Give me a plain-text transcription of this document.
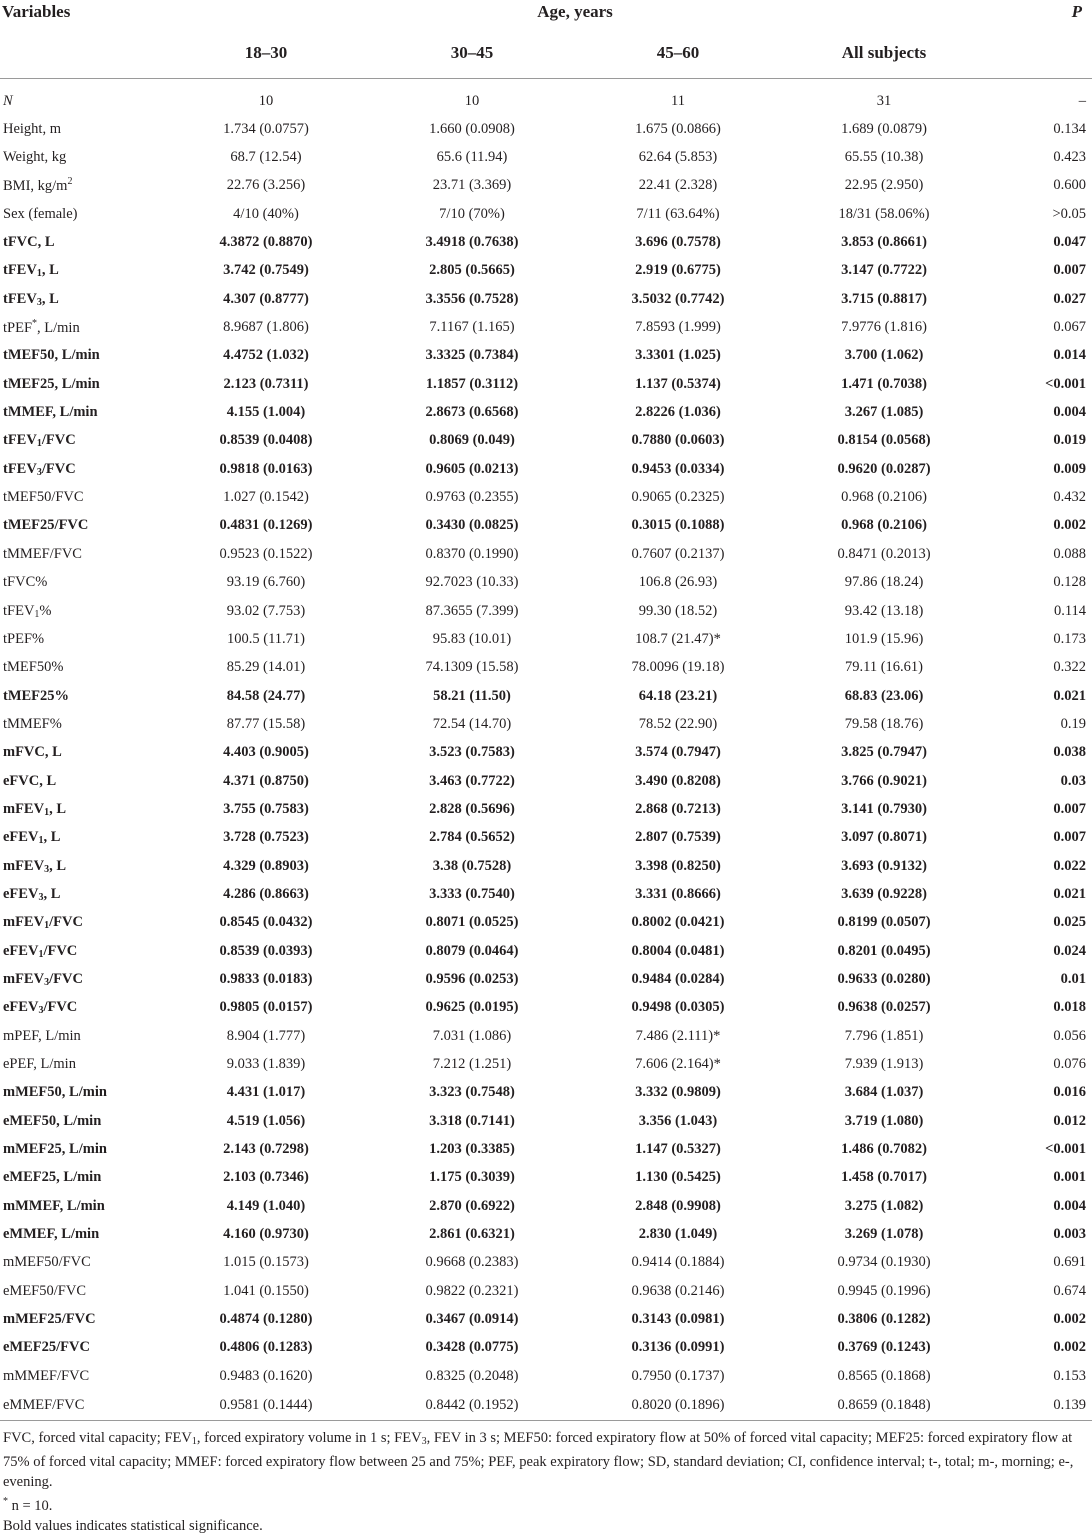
Variables	Age, years				P
	18–30	30–45	45–60	All subjects	
N	10	10	11	31	–
Height, m	1.734 (0.0757)	1.660 (0.0908)	1.675 (0.0866)	1.689 (0.0879)	0.134
Weight, kg	68.7 (12.54)	65.6 (11.94)	62.64 (5.853)	65.55 (10.38)	0.423
BMI, $kg/m^2$	22.76 (3.256)	23.71 (3.369)	22.41 (2.328)	22.95 (2.950)	0.600
Sex (female)	4/10 (40%)	7/10 (70%)	7/11 (63.64%)	18/31 (58.06%)	>0.05
tFVC, L	4.3872 (0.8870)	3.4918 (0.7638)	3.696 (0.7578)	3.853 (0.8661)	0.047
tFEV$_1$, L	3.742 (0.7549)	2.805 (0.5665)	2.919 (0.6775)	3.147 (0.7722)	0.007
tFEV$_3$, L	4.307 (0.8777)	3.3556 (0.7528)	3.5032 (0.7742)	3.715 (0.8817)	0.027
tPEF*, L/min	8.9687 (1.806)	7.1167 (1.165)	7.8593 (1.999)	7.9776 (1.816)	0.067
tMEF50, L/min	4.4752 (1.032)	3.3325 (0.7384)	3.3301 (1.025)	3.700 (1.062)	0.014
tMEF25, L/min	2.123 (0.7311)	1.1857 (0.3112)	1.137 (0.5374)	1.471 (0.7038)	<0.001
tMMEF, L/min	4.155 (1.004)	2.8673 (0.6568)	2.8226 (1.036)	3.267 (1.085)	0.004
tFEV$_1$/FVC	0.8539 (0.0408)	0.8069 (0.049)	0.7880 (0.0603)	0.8154 (0.0568)	0.019
tFEV$_3$/FVC	0.9818 (0.0163)	0.9605 (0.0213)	0.9453 (0.0334)	0.9620 (0.0287)	0.009
tMEF50/FVC	1.027 (0.1542)	0.9763 (0.2355)	0.9065 (0.2325)	0.968 (0.2106)	0.432
tMEF25/FVC	0.4831 (0.1269)	0.3430 (0.0825)	0.3015 (0.1088)	0.968 (0.2106)	0.002
tMMEF/FVC	0.9523 (0.1522)	0.8370 (0.1990)	0.7607 (0.2137)	0.8471 (0.2013)	0.088
tFVC%	93.19 (6.760)	92.7023 (10.33)	106.8 (26.93)	97.86 (18.24)	0.128
tFEV$_1$%	93.02 (7.753)	87.3655 (7.399)	99.30 (18.52)	93.42 (13.18)	0.114
tPEF%	100.5 (11.71)	95.83 (10.01)	108.7 (21.47)*	101.9 (15.96)	0.173
tMEF50%	85.29 (14.01)	74.1309 (15.58)	78.0096 (19.18)	79.11 (16.61)	0.322
tMEF25%	84.58 (24.77)	58.21 (11.50)	64.18 (23.21)	68.83 (23.06)	0.021
tMMEF%	87.77 (15.58)	72.54 (14.70)	78.52 (22.90)	79.58 (18.76)	0.19
mFVC, L	4.403 (0.9005)	3.523 (0.7583)	3.574 (0.7947)	3.825 (0.7947)	0.038
eFVC, L	4.371 (0.8750)	3.463 (0.7722)	3.490 (0.8208)	3.766 (0.9021)	0.03
mFEV$_1$, L	3.755 (0.7583)	2.828 (0.5696)	2.868 (0.7213)	3.141 (0.7930)	0.007
eFEV$_1$, L	3.728 (0.7523)	2.784 (0.5652)	2.807 (0.7539)	3.097 (0.8071)	0.007
mFEV$_3$, L	4.329 (0.8903)	3.38 (0.7528)	3.398 (0.8250)	3.693 (0.9132)	0.022
eFEV$_3$, L	4.286 (0.8663)	3.333 (0.7540)	3.331 (0.8666)	3.639 (0.9228)	0.021
mFEV$_1$/FVC	0.8545 (0.0432)	0.8071 (0.0525)	0.8002 (0.0421)	0.8199 (0.0507)	0.025
eFEV$_1$/FVC	0.8539 (0.0393)	0.8079 (0.0464)	0.8004 (0.0481)	0.8201 (0.0495)	0.024
mFEV$_3$/FVC	0.9833 (0.0183)	0.9596 (0.0253)	0.9484 (0.0284)	0.9633 (0.0280)	0.01
eFEV$_3$/FVC	0.9805 (0.0157)	0.9625 (0.0195)	0.9498 (0.0305)	0.9638 (0.0257)	0.018
mPEF, L/min	8.904 (1.777)	7.031 (1.086)	7.486 (2.111)*	7.796 (1.851)	0.056
ePEF, L/min	9.033 (1.839)	7.212 (1.251)	7.606 (2.164)*	7.939 (1.913)	0.076
mMEF50, L/min	4.431 (1.017)	3.323 (0.7548)	3.332 (0.9809)	3.684 (1.037)	0.016
eMEF50, L/min	4.519 (1.056)	3.318 (0.7141)	3.356 (1.043)	3.719 (1.080)	0.012
mMEF25, L/min	2.143 (0.7298)	1.203 (0.3385)	1.147 (0.5327)	1.486 (0.7082)	<0.001
eMEF25, L/min	2.103 (0.7346)	1.175 (0.3039)	1.130 (0.5425)	1.458 (0.7017)	0.001
mMMEF, L/min	4.149 (1.040)	2.870 (0.6922)	2.848 (0.9908)	3.275 (1.082)	0.004
eMMEF, L/min	4.160 (0.9730)	2.861 (0.6321)	2.830 (1.049)	3.269 (1.078)	0.003
mMEF50/FVC	1.015 (0.1573)	0.9668 (0.2383)	0.9414 (0.1884)	0.9734 (0.1930)	0.691
eMEF50/FVC	1.041 (0.1550)	0.9822 (0.2321)	0.9638 (0.2146)	0.9945 (0.1996)	0.674
mMEF25/FVC	0.4874 (0.1280)	0.3467 (0.0914)	0.3143 (0.0981)	0.3806 (0.1282)	0.002
eMEF25/FVC	0.4806 (0.1283)	0.3428 (0.0775)	0.3136 (0.0991)	0.3769 (0.1243)	0.002
mMMEF/FVC	0.9483 (0.1620)	0.8325 (0.2048)	0.7950 (0.1737)	0.8565 (0.1868)	0.153
eMMEF/FVC	0.9581 (0.1444)	0.8442 (0.1952)	0.8020 (0.1896)	0.8659 (0.1848)	0.139

FVC, forced vital capacity; $FEV_1$, forced expiratory volume in 1 s; $FEV_3$, FEV in 3 s; MEF50: forced expiratory flow at 50% of forced vital capacity; MEF25: forced expiratory flow at 75% of forced vital capacity; MMEF: forced expiratory flow between 25 and 75%; PEF, peak expiratory flow; SD, standard deviation; CI, confidence interval; t-, total; m-, morning; e-, evening.

* n = 10.

Bold values indicates statistical significance.
